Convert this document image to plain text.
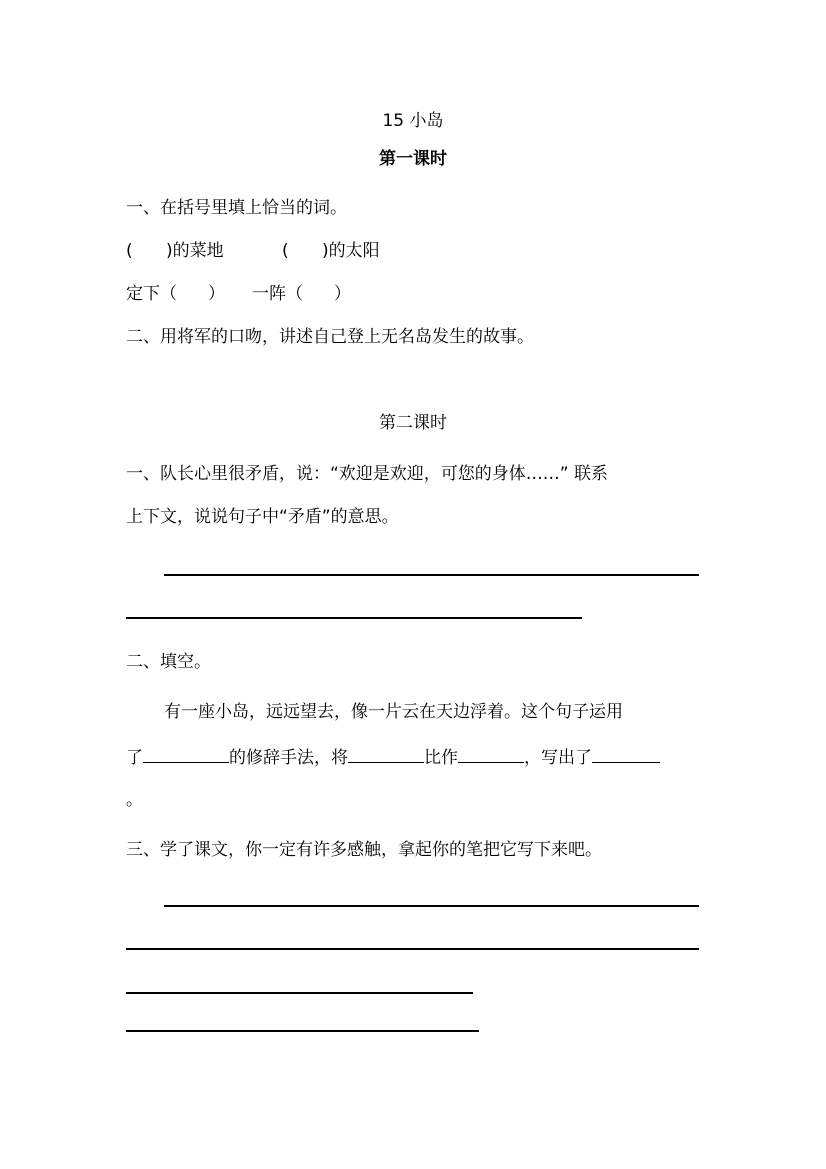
15 小岛
第一课时
一、在括号里填上恰当的词。
( )的菜地	( )的太阳
定下（ ） 一阵（ ）
二、用将军的口吻，讲述自己登上无名岛发生的故事。
第二课时
一、队长心里很矛盾，说：“欢迎是欢迎，可您的身体……” 联系
上下文，说说句子中“矛盾”的意思。
二、填空。
有一座小岛，远远望去，像一片云在天边浮着。这个句子运用
了	的修辞手法，将	比作	，写出了
。
三、学了课文，你一定有许多感触，拿起你的笔把它写下来吧。
